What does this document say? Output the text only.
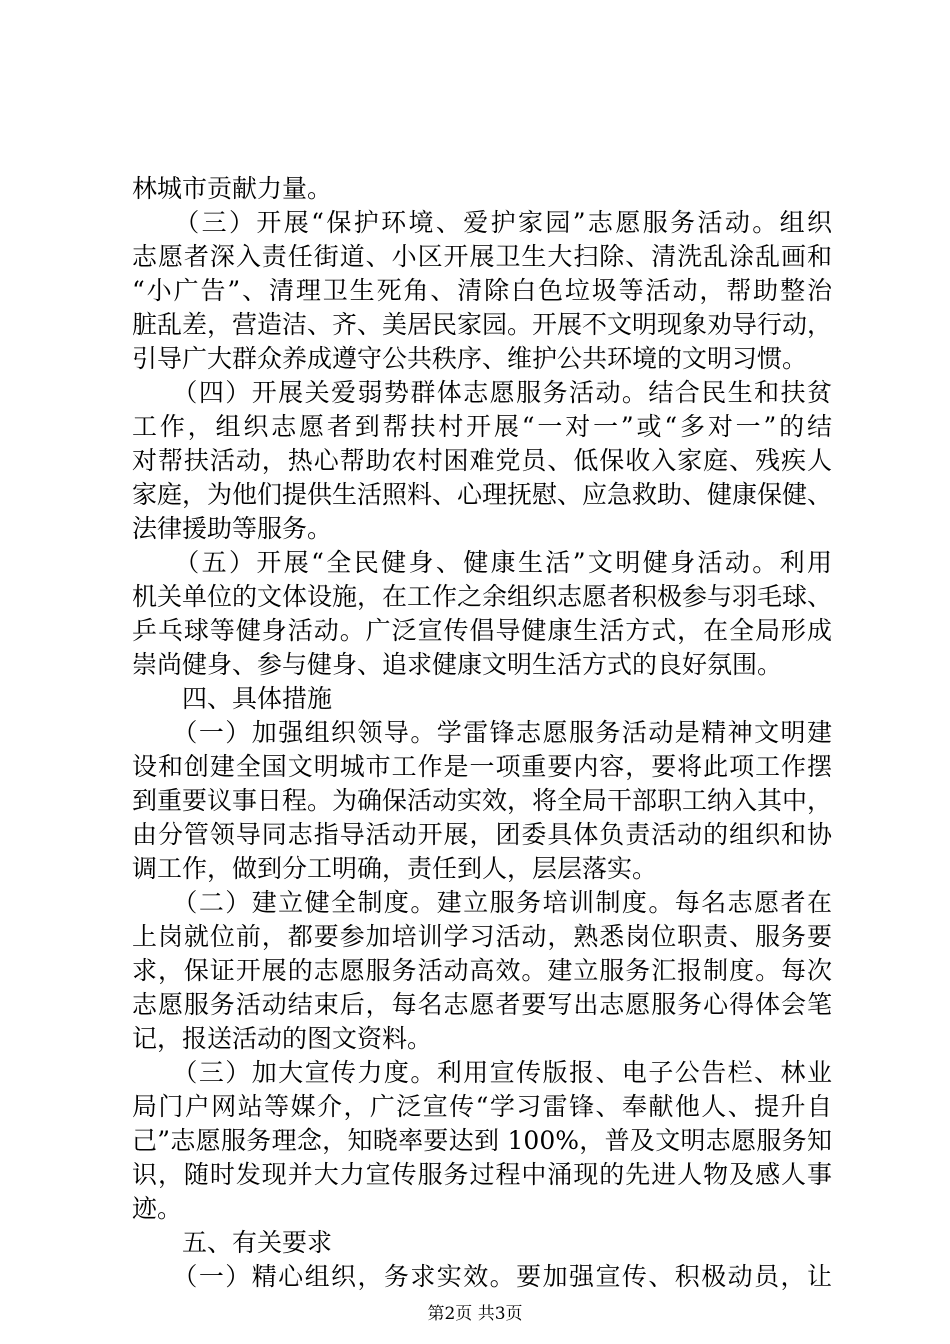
林城市贡献力量。
　　（三）开展“保护环境、爱护家园”志愿服务活动。组织
志愿者深入责任街道、小区开展卫生大扫除、清洗乱涂乱画和
“小广告”、清理卫生死角、清除白色垃圾等活动，帮助整治
脏乱差，营造洁、齐、美居民家园。开展不文明现象劝导行动，
引导广大群众养成遵守公共秩序、维护公共环境的文明习惯。
　　（四）开展关爱弱势群体志愿服务活动。结合民生和扶贫
工作，组织志愿者到帮扶村开展“一对一”或“多对一”的结
对帮扶活动，热心帮助农村困难党员、低保收入家庭、残疾人
家庭，为他们提供生活照料、心理抚慰、应急救助、健康保健、
法律援助等服务。
　　（五）开展“全民健身、健康生活”文明健身活动。利用
机关单位的文体设施，在工作之余组织志愿者积极参与羽毛球、
乒乓球等健身活动。广泛宣传倡导健康生活方式，在全局形成
崇尚健身、参与健身、追求健康文明生活方式的良好氛围。
　　四、具体措施
　　（一）加强组织领导。学雷锋志愿服务活动是精神文明建
设和创建全国文明城市工作是一项重要内容，要将此项工作摆
到重要议事日程。为确保活动实效，将全局干部职工纳入其中，
由分管领导同志指导活动开展，团委具体负责活动的组织和协
调工作，做到分工明确，责任到人，层层落实。
　　（二）建立健全制度。建立服务培训制度。每名志愿者在
上岗就位前，都要参加培训学习活动，熟悉岗位职责、服务要
求，保证开展的志愿服务活动高效。建立服务汇报制度。每次
志愿服务活动结束后，每名志愿者要写出志愿服务心得体会笔
记，报送活动的图文资料。
　　（三）加大宣传力度。利用宣传版报、电子公告栏、林业
局门户网站等媒介，广泛宣传“学习雷锋、奉献他人、提升自
己”志愿服务理念，知晓率要达到 100%，普及文明志愿服务知
识，随时发现并大力宣传服务过程中涌现的先进人物及感人事
迹。
　　五、有关要求
　　（一）精心组织，务求实效。要加强宣传、积极动员，让
第2页 共3页
